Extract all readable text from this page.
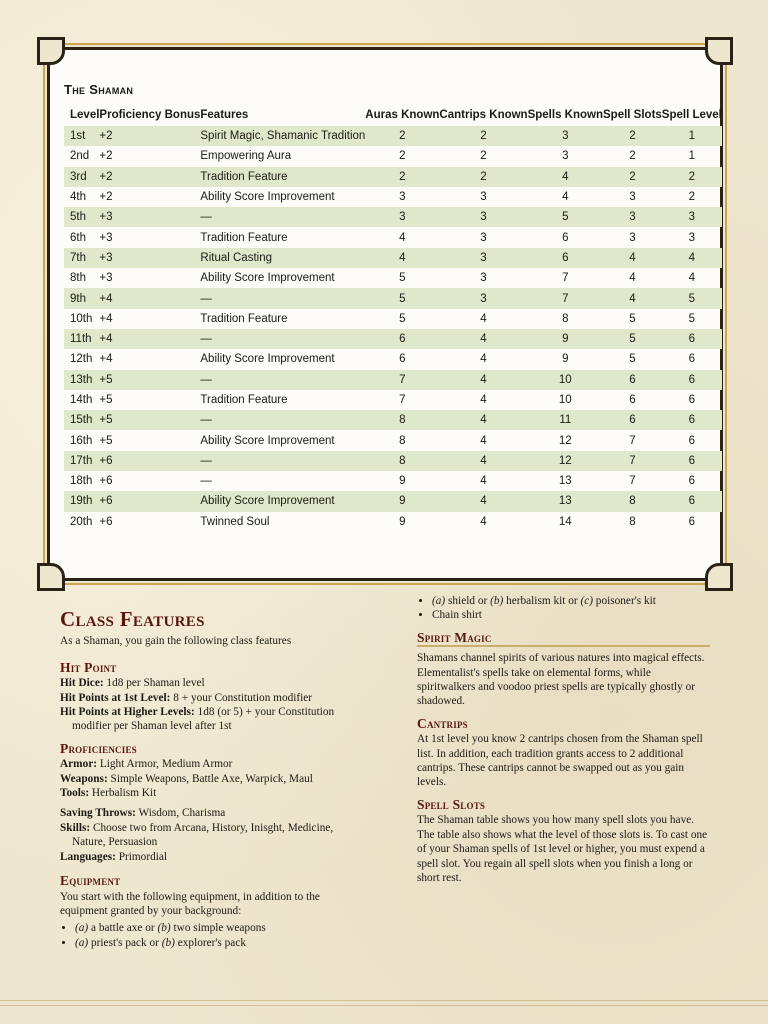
The Shaman
Level	Proficiency Bonus	Features	Auras Known	Cantrips Known	Spells Known	Spell Slots	Spell Level
1st	+2	Spirit Magic, Shamanic Tradition	2	2	3	2	1
2nd	+2	Empowering Aura	2	2	3	2	1
3rd	+2	Tradition Feature	2	2	4	2	2
4th	+2	Ability Score Improvement	3	3	4	3	2
5th	+3	—	3	3	5	3	3
6th	+3	Tradition Feature	4	3	6	3	3
7th	+3	Ritual Casting	4	3	6	4	4
8th	+3	Ability Score Improvement	5	3	7	4	4
9th	+4	—	5	3	7	4	5
10th	+4	Tradition Feature	5	4	8	5	5
11th	+4	—	6	4	9	5	6
12th	+4	Ability Score Improvement	6	4	9	5	6
13th	+5	—	7	4	10	6	6
14th	+5	Tradition Feature	7	4	10	6	6
15th	+5	—	8	4	11	6	6
16th	+5	Ability Score Improvement	8	4	12	7	6
17th	+6	—	8	4	12	7	6
18th	+6	—	9	4	13	7	6
19th	+6	Ability Score Improvement	9	4	13	8	6
20th	+6	Twinned Soul	9	4	14	8	6
Class Features

As a Shaman, you gain the following class features

Hit Point

Hit Dice: 1d8 per Shaman level

Hit Points at 1st Level: 8 + your Constitution modifier

Hit Points at Higher Levels: 1d8 (or 5) + your Constitution modifier per Shaman level after 1st

Proficiencies

Armor: Light Armor, Medium Armor

Weapons: Simple Weapons, Battle Axe, Warpick, Maul

Tools: Herbalism Kit

Saving Throws: Wisdom, Charisma

Skills: Choose two from Arcana, History, Inisght, Medicine, Nature, Persuasion

Languages: Primordial

Equipment

You start with the following equipment, in addition to the equipment granted by your background:

• (a) a battle axe or (b) two simple weapons
• (a) priest's pack or (b) explorer's pack
• (a) shield or (b) herbalism kit or (c) poisoner's kit
• Chain shirt
Spirit Magic

Shamans channel spirits of various natures into magical effects. Elementalist's spells take on elemental forms, while spiritwalkers and voodoo priest spells are typically ghostly or shadowed.

Cantrips

At 1st level you know 2 cantrips chosen from the Shaman spell list. In addition, each tradition grants access to 2 additional cantrips. These cantrips cannot be swapped out as you gain levels.

Spell Slots

The Shaman table shows you how many spell slots you have. The table also shows what the level of those slots is. To cast one of your Shaman spells of 1st level or higher, you must expend a spell slot. You regain all spell slots when you finish a long or short rest.
